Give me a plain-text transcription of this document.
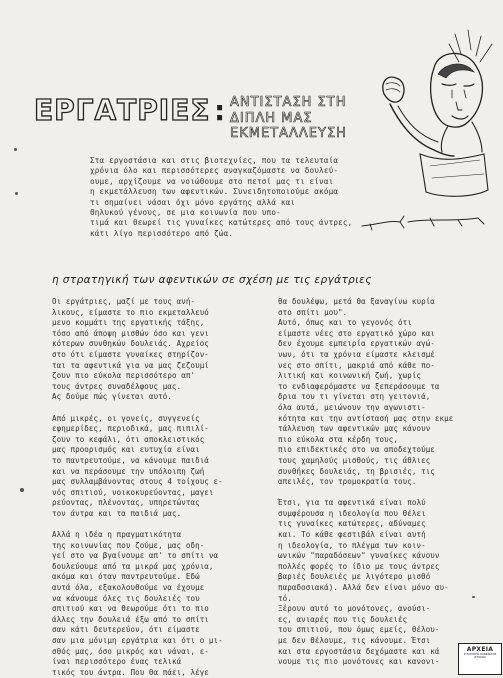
ΕΡΓΑΤΡΙΕΣ : ΑΝΤΙΣΤΑΣΗ ΣΤΗ
ΔΙΠΛΗ ΜΑΣ ΕΚΜΕΤΑΛΛΕΥΣΗ
Στα εργοστάσια και στις βιοτεχνίες, που τα τελευταία
χρόνια όλο και περισσότερες αναγκαζόμαστε να δουλεύ-
ουμε, αρχίζουμε να νοιώθουμε στο πετσί μας τι είναι
η εκμετάλλευση των αφεντικών. Συνειδητοποιούμε ακόμα
τι σημαίνει νάσαι όχι μόνο εργάτης αλλά και
Θηλυκού γένους, σε μια κοινωνία που υπο-
τιμά και θεωρεί τις γυναίκες κατώτερες από τους άντρες,
κάτι λίγο περισσότερο από ζώα.
η στρατηγική των αφεντικών σε σχέση με τις εργάτριες
Οι εργάτριες, μαζί με τους ανή-
λικους, είμαστε το πιο εκμεταλλευό
μενο κομμάτι της εργατικής τάξης,
τόσο από άποψη μισθών όσο και γενι
κότερων συνθηκών δουλειάς. Αχρείος
στο ότι είμαστε γυναίκες στηρίζον-
ται τα αφεντικά για να μας ζεζουμί
ζουν πιο εύκολα περισσότερο απ'
τους άντρες συναδέλφους μας.
Ας δούμε πώς γίνεται αυτό.

Από μικρές, οι γονείς, συγγενείς
εφημερίδες, περιοδικά, μας πιπιλί-
ζουν το κεφάλι, ότι αποκλειστικός
μας προορισμός και ευτυχία είναι
το παντρευτούμε, να κάνουμε παιδιά
και να περάσουμε την υπόλοιπη ζωή
μας συλλαμβάνοντας στους 4 τοίχους ε-
νός σπιτιού, νοικοκυρεύοντας, μαγει
ρεύοντας, πλένοντας, υπηρετώντας
τον άντρα και τα παιδιά μας.

Αλλά η ιδέα η πραγματικότητα
της κοινωνίας που ζούμε, μας οδη-
γεί στο να βγαίνουμε απ' το σπίτι να
δουλεύουμε από τα μικρά μας χρόνια,
ακόμα και όταν παντρευτούμε. Εδώ
αυτά όλα, εξακολουθούμε να έχουμε
να κάνουμε όλες τις δουλειές του
σπιτιού και να θεωρούμε ότι το πιο
άλλες την δουλειά έξω από το σπίτι
σαν κάτι δευτερεύον, ότι είμαστε
σαν μια μόνιμη εργάτρια και ότι ο μι-
σθός μας, όσο μικρός και νάναι, ε-
ίναι περισσότερο ένας τελικά
τικός του άντρα. Που θα πάει, λέγε
θα δουλέψω, μετά θα ξαναγίνω κυρία
στο σπίτι μου".
Αυτό, όπως και το γεγονός ότι
είμαστε νέες στο εργατικό χώρο και
δεν έχουμε εμπειρία εργατικών αγώ-
νων, ότι τα χρόνια είμαστε κλεισμέ
νες στο σπίτι, μακριά από κάθε πο-
λιτική και κοινωνική ζωή, χωρίς
το ενδιαφερόμαστε να ξεπεράσουμε τα
δρια του τι γίνεται στη γειτονιά,
όλα αυτά, μειώνουν την αγωνιστι-
κότητα και την αντίστασή μας στην εκμε
τάλλευση των αφεντικών μας κάνουν
πιο εύκολα στα κέρδη τους,
πιο επιδεκτικές στο να αποδεχτούμε
τους χαμηλούς μισθούς, τις άθλιες
συνθήκες δουλειάς, τη βρισιές, τις
απειλές, τον τρομοκρατία τους.

Έτσι, για τα αφεντικά είναι πολύ
συμφέρουσα η ιδεολογία που θέλει
τις γυναίκες κατώτερες, αδύναμες
και. Το κάθε φεστιβάλ είναι αυτή
η ιδεολογία, το πλέγμα των κοιν-
ωνικών "παραδόσεων" γυναίκες κάνουν
πολλές φορές το ίδιο με τους άντρες
βαριές δουλειές με λιγότερο μισθό
παραδοσιακά). Αλλά δεν είναι μόνο αυ-
τό.
Ξέρουν αυτό το μονότονες, ανούσι-
ες, ανιαρές που τις δουλειές
του σπιτιού, που όμως εμείς, θέλου-
με δεν θέλουμε, τις κάνουμε. Έτσι
και στα εργοστάσια δεχόμαστε και κά
νουμε τις πιο μονότονες και κανονι-
ΑΡΧΕΙΑ
ΣΥΓΧΡΟΝΗΣ ΚΟΙΝΩΝΙΚΗΣ
ΙΣΤΟΡΙΑΣ
